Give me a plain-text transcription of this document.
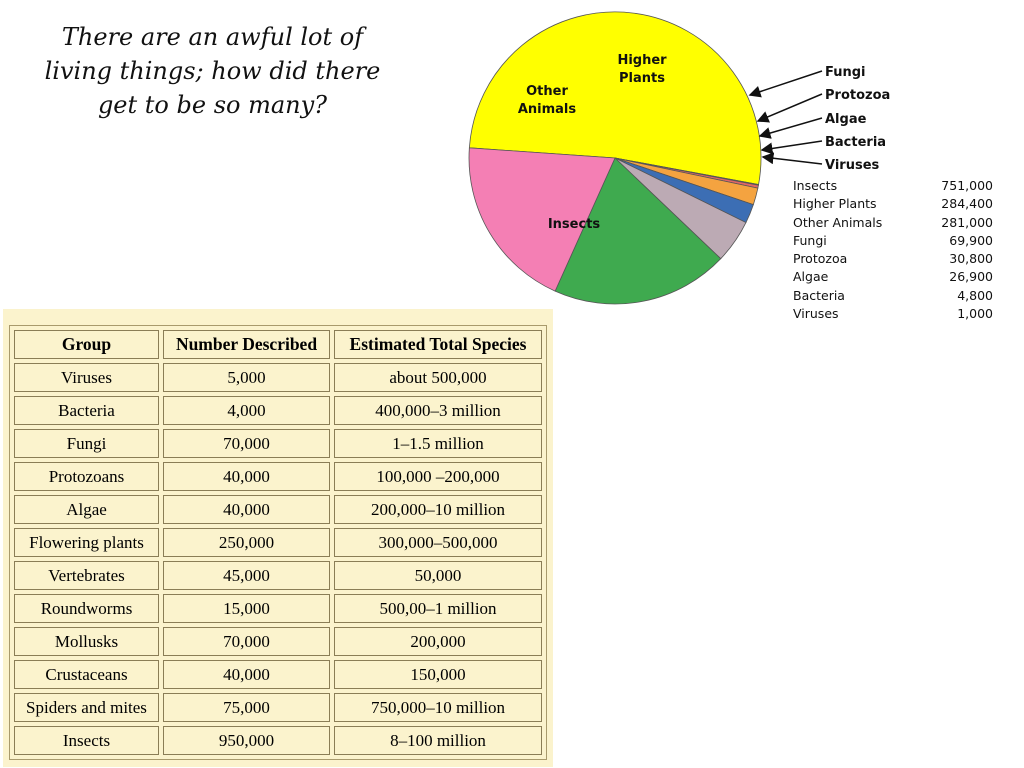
There are an awful lot of living things; how did there get to be so many?
Insects
Higher Plants
Other Animals
Fungi
Protozoa
Algae
Bacteria
Viruses
Insects	751,000
Higher Plants	284,400
Other Animals	281,000
Fungi	69,900
Protozoa	30,800
Algae	26,900
Bacteria	4,800
Viruses	1,000
Group	Number Described	Estimated Total Species
Viruses	5,000	about 500,000
Bacteria	4,000	400,000–3 million
Fungi	70,000	1–1.5 million
Protozoans	40,000	100,000 –200,000
Algae	40,000	200,000–10 million
Flowering plants	250,000	300,000–500,000
Vertebrates	45,000	50,000
Roundworms	15,000	500,00–1 million
Mollusks	70,000	200,000
Crustaceans	40,000	150,000
Spiders and mites	75,000	750,000–10 million
Insects	950,000	8–100 million
